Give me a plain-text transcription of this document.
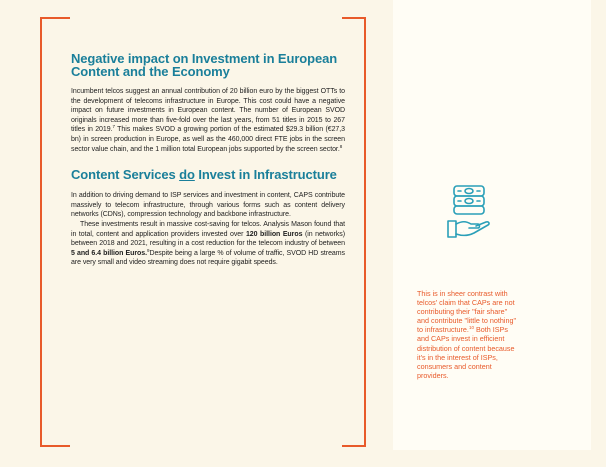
Negative impact on Investment in European Content and the Economy

Incumbent telcos suggest an annual contribution of 20 billion euro by the biggest OTTs to the development of telecoms infrastructure in Europe. This cost could have a negative impact on future investments in European content. The number of European SVOD originals increased more than five-fold over the last years, from 51 titles in 2015 to 267 titles in 2019.$^7$ This makes SVOD a growing portion of the estimated $29.3 billion (€27,3 bn) in screen production in Europe, as well as the 460,000 direct FTE jobs in the screen sector value chain, and the 1 million total European jobs supported by the screen sector.$^8$

Content Services do Invest in Infrastructure

In addition to driving demand to ISP services and investment in content, CAPS contribute massively to telecom infrastructure, through various forms such as content delivery networks (CDNs), compression technology and backbone infrastructure.

These investments result in massive cost-saving for telcos. Analysis Mason found that in total, content and application providers invested over 120 billion Euros (in networks) between 2018 and 2021, resulting in a cost reduction for the telecom industry of between 5 and 6.4 billion Euros.$^9$Despite being a large % of volume of traffic, SVOD HD streams are very small and video streaming does not require gigabit speeds.

This is in sheer contrast with telcos' claim that CAPs are not contributing their "fair share" and contribute "little to nothing" to infrastructure.$^{10}$ Both ISPs and CAPs invest in efficient distribution of content because it's in the interest of ISPs, consumers and content providers.
